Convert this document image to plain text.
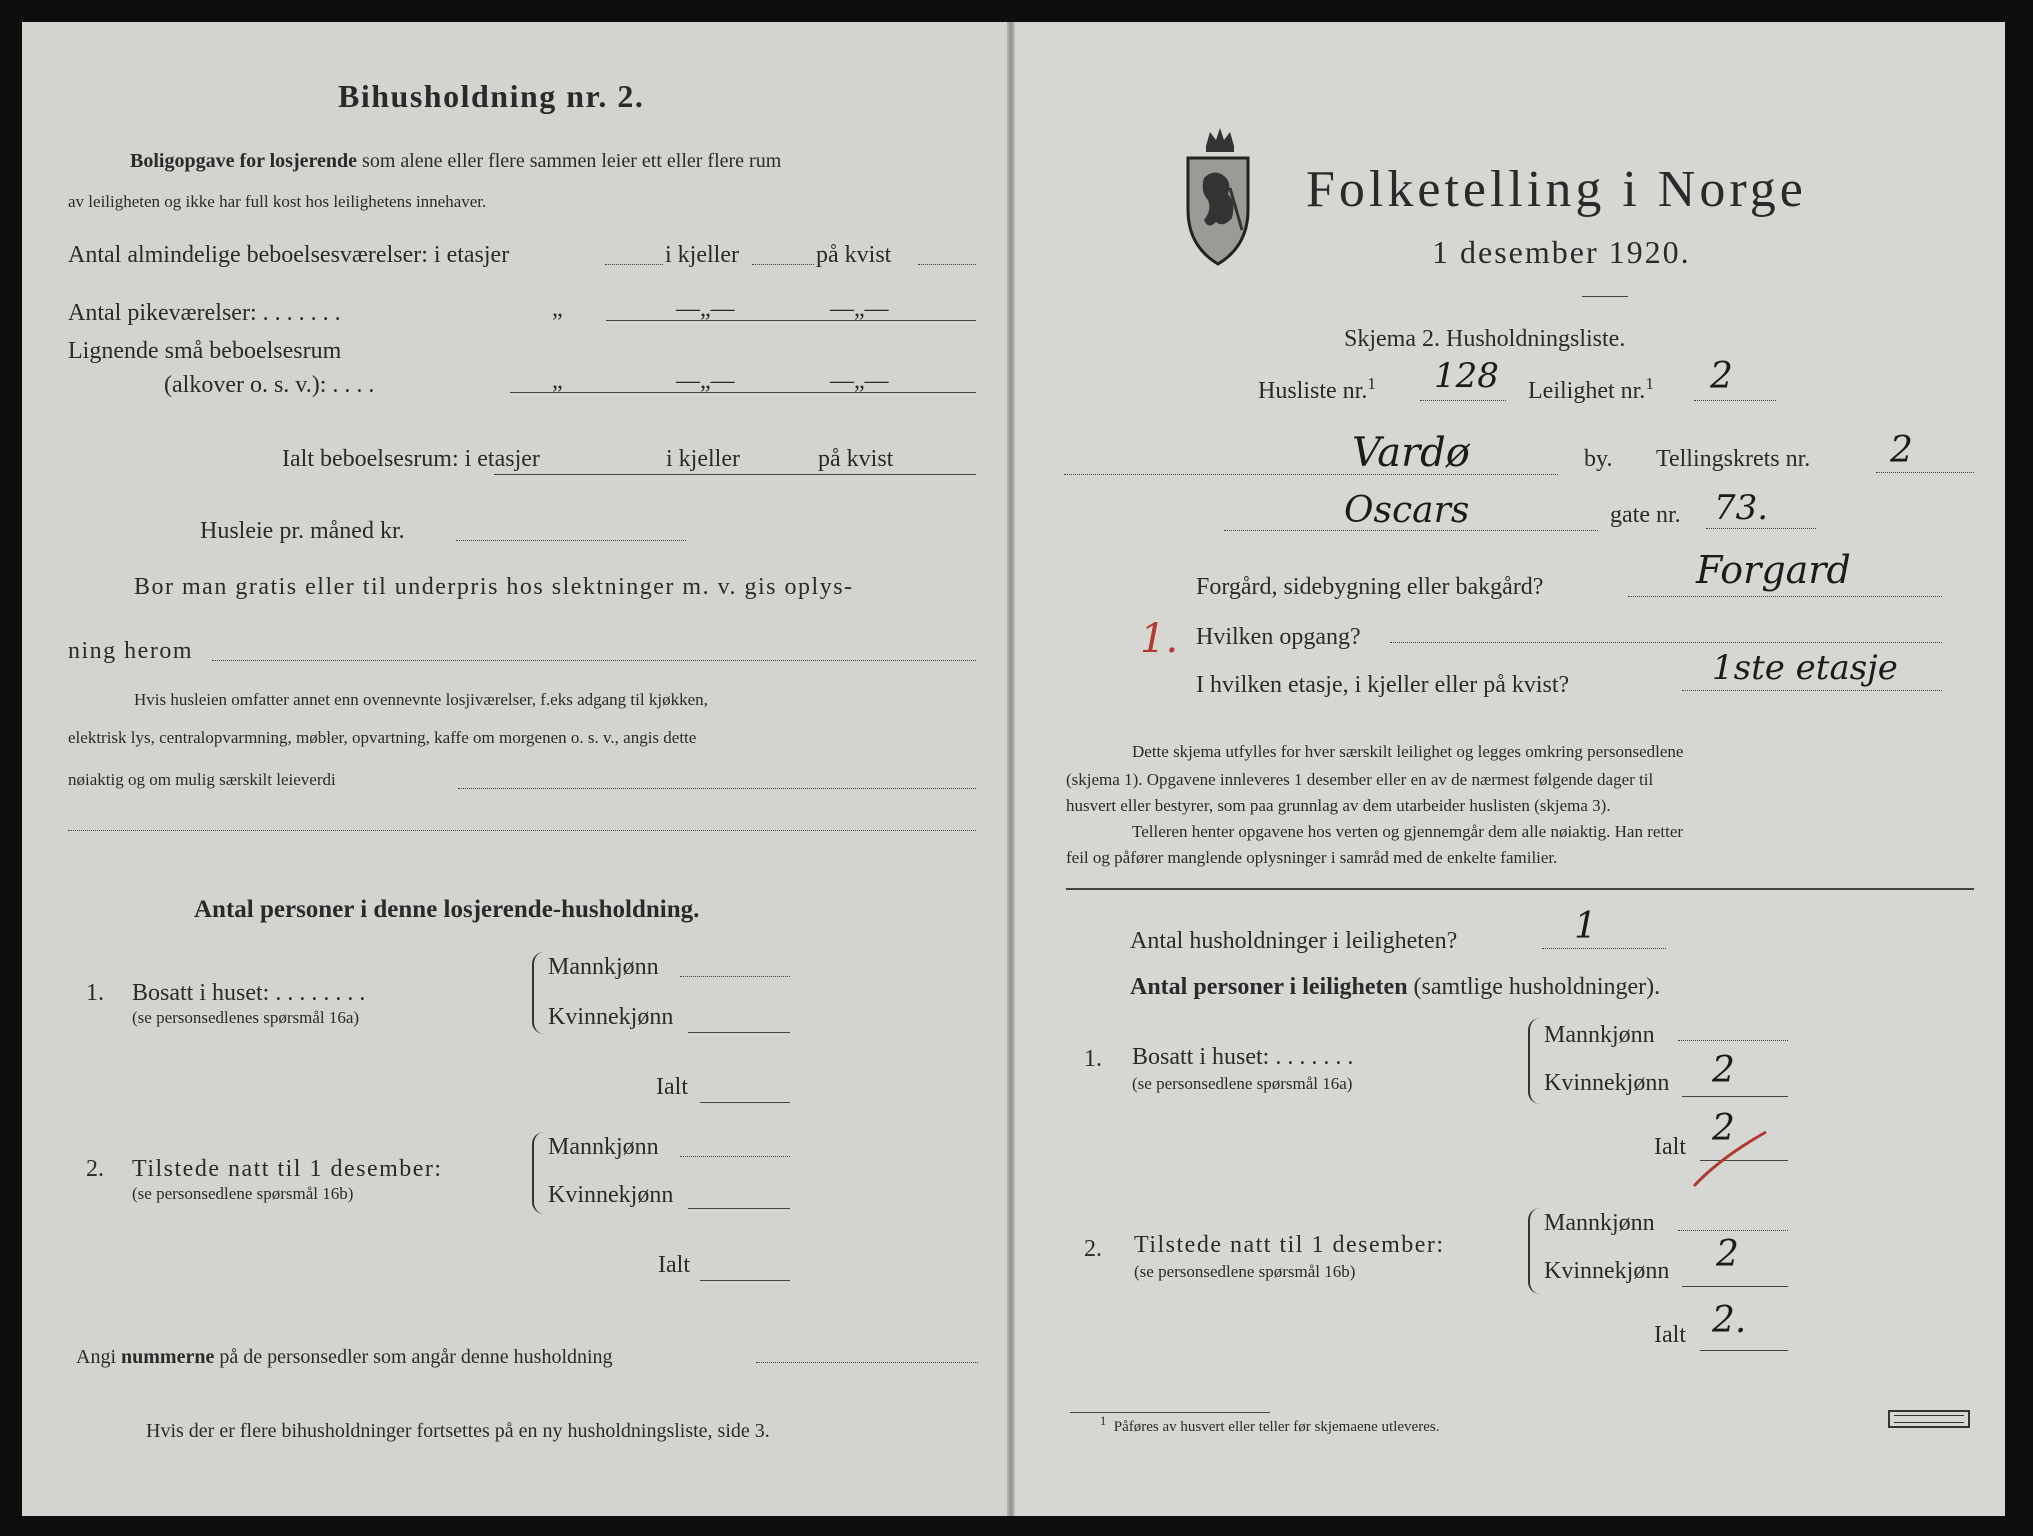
Bihusholdning nr. 2.
Boligopgave for losjerende som alene eller flere sammen leier ett eller flere rum
av leiligheten og ikke har full kost hos leilighetens innehaver.
Antal almindelige beboelsesværelser: i etasjer	i kjeller	på kvist
Antal pikeværelser: . . . . . . .	„	—„—	—„—
Lignende små beboelsesrum
(alkover o. s. v.): . . . .	„	—„—	—„—
Ialt beboelsesrum: i etasjer	i kjeller	på kvist
Husleie pr. måned kr.
Bor man gratis eller til underpris hos slektninger m. v. gis oplys-
ning herom
Hvis husleien omfatter annet enn ovennevnte losjiværelser, f.eks adgang til kjøkken,
elektrisk lys, centralopvarmning, møbler, opvartning, kaffe om morgenen o. s. v., angis dette
nøiaktig og om mulig særskilt leieverdi
Antal personer i denne losjerende-husholdning.
1. Bosatt i huset: . . . . . . . .
(se personsedlenes spørsmål 16a)
Mannkjønn
Kvinnekjønn
Ialt
2. Tilstede natt til 1 desember:
(se personsedlene spørsmål 16b)
Mannkjønn
Kvinnekjønn
Ialt
Angi nummerne på de personsedler som angår denne husholdning
Hvis der er flere bihusholdninger fortsettes på en ny husholdningsliste, side 3.
Folketelling i Norge
1 desember 1920.
Skjema 2. Husholdningsliste.
Husliste nr.$^1$ 128 Leilighet nr.$^1$ 2
Vardø	by. Tellingskrets nr. 2
Oscars	gate nr. 73.
Forgård, sidebygning eller bakgård?	Forgard
1. Hvilken opgang?
I hvilken etasje, i kjeller eller på kvist?	1ste etasje
Dette skjema utfylles for hver særskilt leilighet og legges omkring personsedlene
(skjema 1). Opgavene innleveres 1 desember eller en av de nærmest følgende dager til
husvert eller bestyrer, som paa grunnlag av dem utarbeider huslisten (skjema 3).
Telleren henter opgavene hos verten og gjennemgår dem alle nøiaktig. Han retter
feil og påfører manglende oplysninger i samråd med de enkelte familier.
Antal husholdninger i leiligheten?	1
Antal personer i leiligheten (samtlige husholdninger).
1. Bosatt i huset: . . . . . . .
(se personsedlene spørsmål 16a)
Mannkjønn
Kvinnekjønn 2
Ialt 2
2. Tilstede natt til 1 desember:
(se personsedlene spørsmål 16b)
Mannkjønn
Kvinnekjønn 2
Ialt 2.
$^1$ Påføres av husvert eller teller før skjemaene utleveres.
